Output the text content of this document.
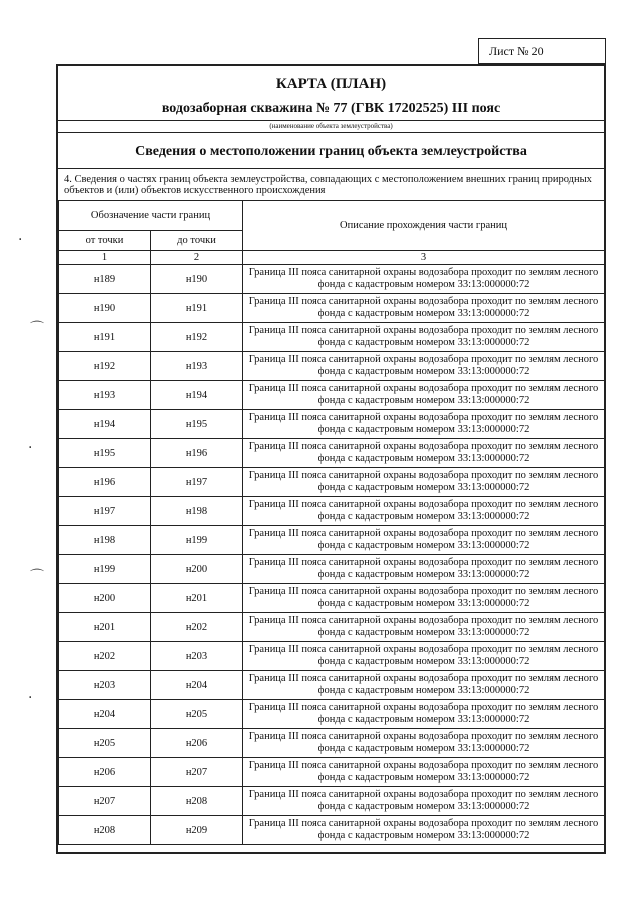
Лист № 20
·
⌒
·
⌒
·
КАРТА (ПЛАН)
водозаборная скважина № 77 (ГВК 17202525) III пояс
(наименование объекта землеустройства)
Сведения о местоположении границ объекта землеустройства
4. Сведения о частях границ объекта землеустройства, совпадающих с местоположением внешних границ природных объектов и (или) объектов искусственного происхождения
Обозначение части границ		Описание прохождения части границ
от точки	до точки	
1	2	3
н189	н190	Граница III пояса санитарной охраны водозабора проходит по землям лесного фонда с кадастровым номером 33:13:000000:72
н190	н191	Граница III пояса санитарной охраны водозабора проходит по землям лесного фонда с кадастровым номером 33:13:000000:72
н191	н192	Граница III пояса санитарной охраны водозабора проходит по землям лесного фонда с кадастровым номером 33:13:000000:72
н192	н193	Граница III пояса санитарной охраны водозабора проходит по землям лесного фонда с кадастровым номером 33:13:000000:72
н193	н194	Граница III пояса санитарной охраны водозабора проходит по землям лесного фонда с кадастровым номером 33:13:000000:72
н194	н195	Граница III пояса санитарной охраны водозабора проходит по землям лесного фонда с кадастровым номером 33:13:000000:72
н195	н196	Граница III пояса санитарной охраны водозабора проходит по землям лесного фонда с кадастровым номером 33:13:000000:72
н196	н197	Граница III пояса санитарной охраны водозабора проходит по землям лесного фонда с кадастровым номером 33:13:000000:72
н197	н198	Граница III пояса санитарной охраны водозабора проходит по землям лесного фонда с кадастровым номером 33:13:000000:72
н198	н199	Граница III пояса санитарной охраны водозабора проходит по землям лесного фонда с кадастровым номером 33:13:000000:72
н199	н200	Граница III пояса санитарной охраны водозабора проходит по землям лесного фонда с кадастровым номером 33:13:000000:72
н200	н201	Граница III пояса санитарной охраны водозабора проходит по землям лесного фонда с кадастровым номером 33:13:000000:72
н201	н202	Граница III пояса санитарной охраны водозабора проходит по землям лесного фонда с кадастровым номером 33:13:000000:72
н202	н203	Граница III пояса санитарной охраны водозабора проходит по землям лесного фонда с кадастровым номером 33:13:000000:72
н203	н204	Граница III пояса санитарной охраны водозабора проходит по землям лесного фонда с кадастровым номером 33:13:000000:72
н204	н205	Граница III пояса санитарной охраны водозабора проходит по землям лесного фонда с кадастровым номером 33:13:000000:72
н205	н206	Граница III пояса санитарной охраны водозабора проходит по землям лесного фонда с кадастровым номером 33:13:000000:72
н206	н207	Граница III пояса санитарной охраны водозабора проходит по землям лесного фонда с кадастровым номером 33:13:000000:72
н207	н208	Граница III пояса санитарной охраны водозабора проходит по землям лесного фонда с кадастровым номером 33:13:000000:72
н208	н209	Граница III пояса санитарной охраны водозабора проходит по землям лесного фонда с кадастровым номером 33:13:000000:72
